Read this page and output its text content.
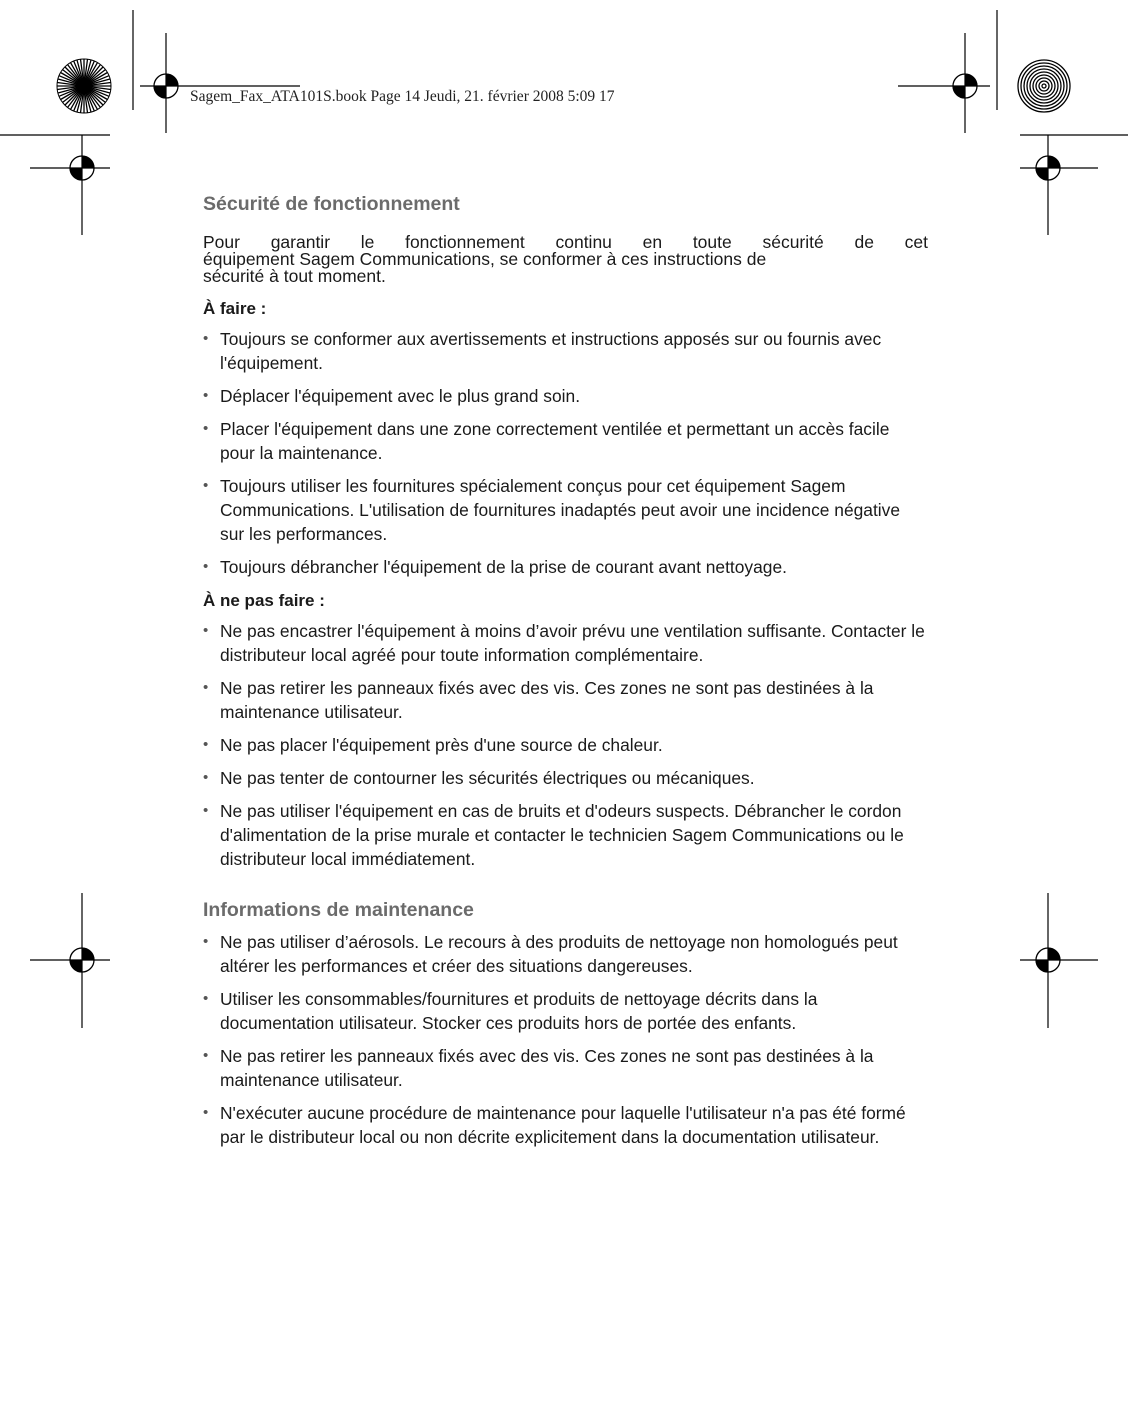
Sagem_Fax_ATA101S.book Page 14 Jeudi, 21. février 2008 5:09 17
Sécurité de fonctionnement
Pour garantir le fonctionnement continu en toute sécurité de cet
équipement Sagem Communications, se conformer à ces instructions de
sécurité à tout moment.
À faire :
• Toujours se conformer aux avertissements et instructions apposés sur ou fournis avec l'équipement.
• Déplacer l'équipement avec le plus grand soin.
• Placer l'équipement dans une zone correctement ventilée et permettant un accès facile pour la maintenance.
• Toujours utiliser les fournitures spécialement conçus pour cet équipement Sagem Communications. L'utilisation de fournitures inadaptés peut avoir une incidence négative sur les performances.
• Toujours débrancher l'équipement de la prise de courant avant nettoyage.
À ne pas faire :
• Ne pas encastrer l'équipement à moins d’avoir prévu une ventilation suffisante. Contacter le distributeur local agréé pour toute information complémentaire.
• Ne pas retirer les panneaux fixés avec des vis. Ces zones ne sont pas destinées à la maintenance utilisateur.
• Ne pas placer l'équipement près d'une source de chaleur.
• Ne pas tenter de contourner les sécurités électriques ou mécaniques.
• Ne pas utiliser l'équipement en cas de bruits et d'odeurs suspects. Débrancher le cordon d'alimentation de la prise murale et contacter le technicien Sagem Communications ou le distributeur local immédiatement.
Informations de maintenance
• Ne pas utiliser d’aérosols. Le recours à des produits de nettoyage non homologués peut altérer les performances et créer des situations dangereuses.
• Utiliser les consommables/fournitures et produits de nettoyage décrits dans la documentation utilisateur. Stocker ces produits hors de portée des enfants.
• Ne pas retirer les panneaux fixés avec des vis. Ces zones ne sont pas destinées à la maintenance utilisateur.
• N'exécuter aucune procédure de maintenance pour laquelle l'utilisateur n'a pas été formé par le distributeur local ou non décrite explicitement dans la documentation utilisateur.
